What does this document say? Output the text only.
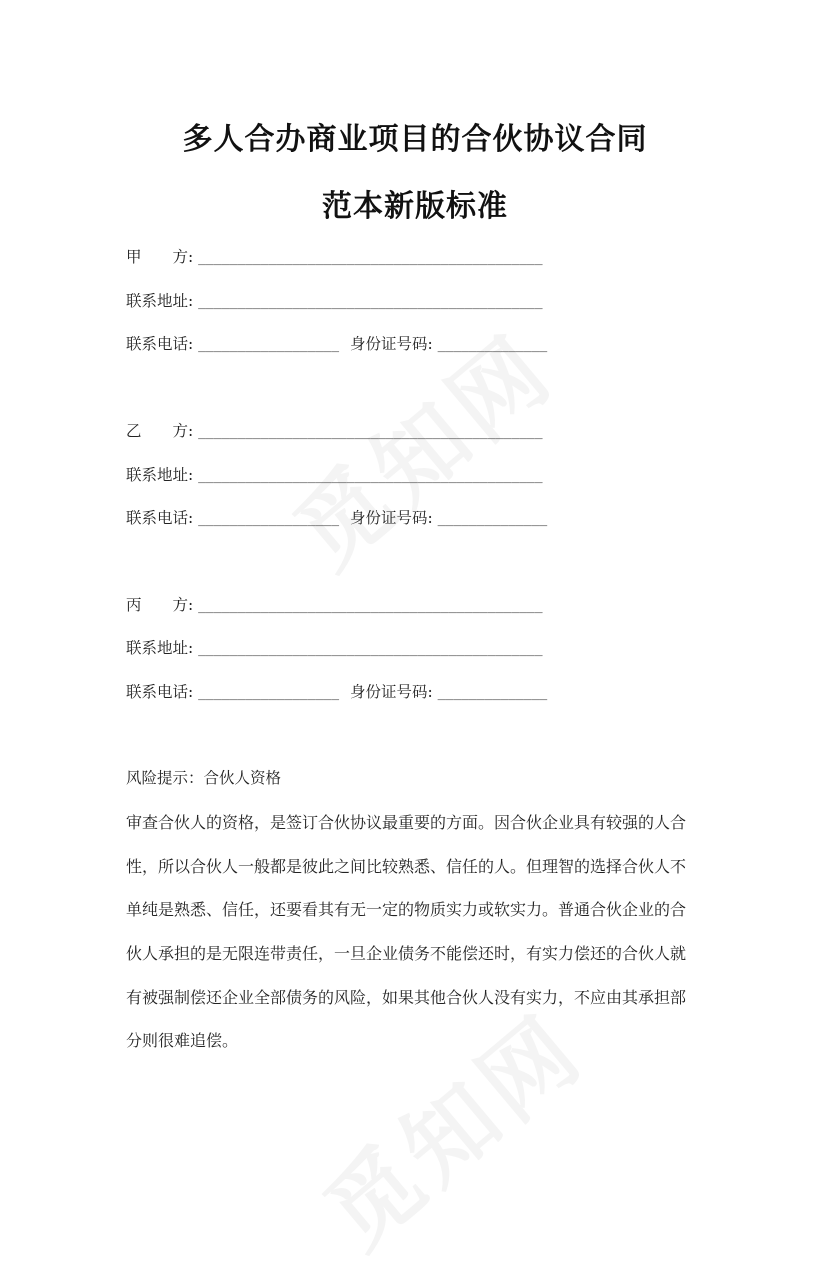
多人合办商业项目的合伙协议合同
范本新版标准
甲　　方: ____________________________________________
联系地址: ____________________________________________
联系电话: __________________ 身份证号码: ______________
乙　　方: ____________________________________________
联系地址: ____________________________________________
联系电话: __________________ 身份证号码: ______________
丙　　方: ____________________________________________
联系地址: ____________________________________________
联系电话: __________________ 身份证号码: ______________
风险提示：合伙人资格
审查合伙人的资格，是签订合伙协议最重要的方面。因合伙企业具有较强的人合
性，所以合伙人一般都是彼此之间比较熟悉、信任的人。但理智的选择合伙人不
单纯是熟悉、信任，还要看其有无一定的物质实力或软实力。普通合伙企业的合
伙人承担的是无限连带责任，一旦企业债务不能偿还时，有实力偿还的合伙人就
有被强制偿还企业全部债务的风险，如果其他合伙人没有实力，不应由其承担部
分则很难追偿。
